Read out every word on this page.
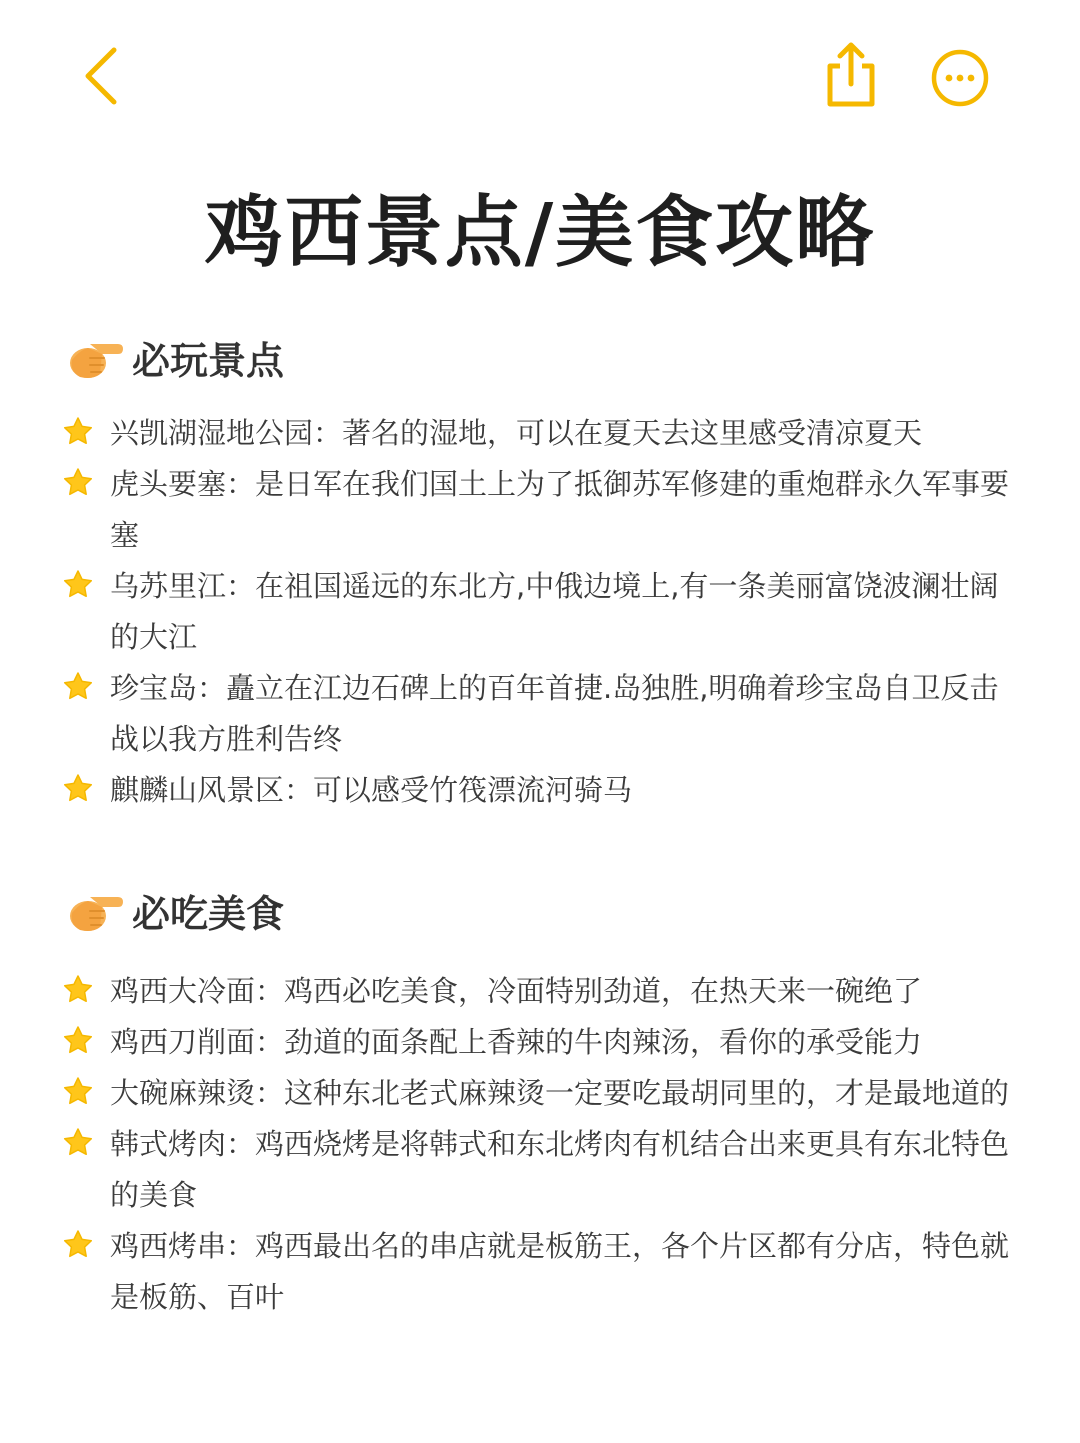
鸡西景点/美食攻略
必玩景点
兴凯湖湿地公园：著名的湿地，可以在夏天去这里感受清凉夏天
虎头要塞：是日军在我们国土上为了抵御苏军修建的重炮群永久军事要塞
乌苏里江：在祖国遥远的东北方,中俄边境上,有一条美丽富饶波澜壮阔的大江
珍宝岛：矗立在江边石碑上的百年首捷.岛独胜,明确着珍宝岛自卫反击战以我方胜利告终
麒麟山风景区：可以感受竹筏漂流河骑马
必吃美食
鸡西大冷面：鸡西必吃美食，冷面特别劲道，在热天来一碗绝了
鸡西刀削面：劲道的面条配上香辣的牛肉辣汤，看你的承受能力
大碗麻辣烫：这种东北老式麻辣烫一定要吃最胡同里的，才是最地道的
韩式烤肉：鸡西烧烤是将韩式和东北烤肉有机结合出来更具有东北特色的美食
鸡西烤串：鸡西最出名的串店就是板筋王，各个片区都有分店，特色就是板筋、百叶
